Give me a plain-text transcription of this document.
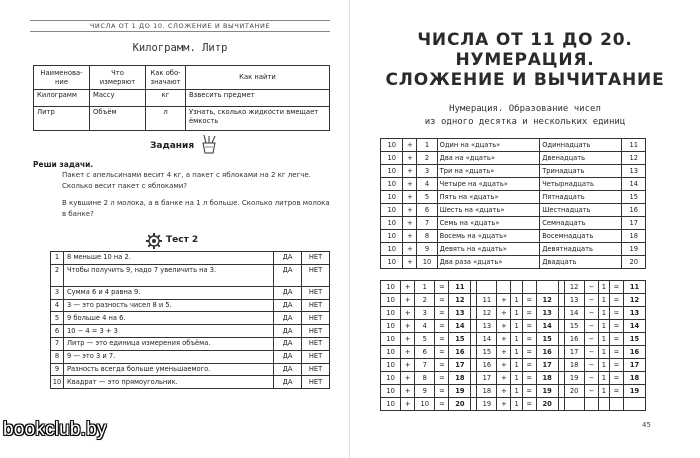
ЧИСЛА ОТ 1 ДО 10. СЛОЖЕНИЕ И ВЫЧИТАНИЕ
Килограмм. Литр
Наименова-ние	Что измеряют	Как обо-значают	Как найти
Килограмм	Массу	кг	Взвесить предмет
Литр	Объём	л	Узнать, сколько жидкости вмещает ёмкость
Задания
Реши задачи.
Пакет с апельсинами весит 4 кг, а пакет с яблоками на 2 кг легче. Сколько весит пакет с яблоками?
В кувшине 2 л молока, а в банке на 1 л больше. Сколько литров молока в банке?
Тест 2
1	8 меньше 10 на 2.	ДА	НЕТ
2	Чтобы получить 9, надо 7 увеличить на 3.	ДА	НЕТ
3	Сумма 6 и 4 равна 9.	ДА	НЕТ
4	3 — это разность чисел 8 и 5.	ДА	НЕТ
5	9 больше 4 на 6.	ДА	НЕТ
6	10 − 4 = 3 + 3	ДА	НЕТ
7	Литр — это единица измерения объёма.	ДА	НЕТ
8	9 — это 3 и 7.	ДА	НЕТ
9	Разность всегда больше уменьшаемого.	ДА	НЕТ
10	Квадрат — это прямоугольник.	ДА	НЕТ
ЧИСЛА ОТ 11 ДО 20.
НУМЕРАЦИЯ.
СЛОЖЕНИЕ И ВЫЧИТАНИЕ
Нумерация. Образование чисел
из одного десятка и нескольких единиц
10	+	1	Один на «дцать»	Одиннадцать	11
10	+	2	Два на «дцать»	Двенадцать	12
10	+	3	Три на «дцать»	Тринадцать	13
10	+	4	Четыре на «дцать»	Четырнадцать	14
10	+	5	Пять на «дцать»	Пятнадцать	15
10	+	6	Шесть на «дцать»	Шестнадцать	16
10	+	7	Семь на «дцать»	Семнадцать	17
10	+	8	Восемь на «дцать»	Восемнадцать	18
10	+	9	Девять на «дцать»	Девятнадцать	19
10	+	10	Два раза «дцать»	Двадцать	20
10	+	1	=	11								12	−	1	=	11
10	+	2	=	12		11	+	1	=	12		13	−	1	=	12
10	+	3	=	13		12	+	1	=	13		14	−	1	=	13
10	+	4	=	14		13	+	1	=	14		15	−	1	=	14
10	+	5	=	15		14	+	1	=	15		16	−	1	=	15
10	+	6	=	16		15	+	1	=	16		17	−	1	=	16
10	+	7	=	17		16	+	1	=	17		18	−	1	=	17
10	+	8	=	18		17	+	1	=	18		19	−	1	=	18
10	+	9	=	19		18	+	1	=	19		20	−	1	=	19
10	+	10	=	20		19	+	1	=	20						
45
bookclub.by
